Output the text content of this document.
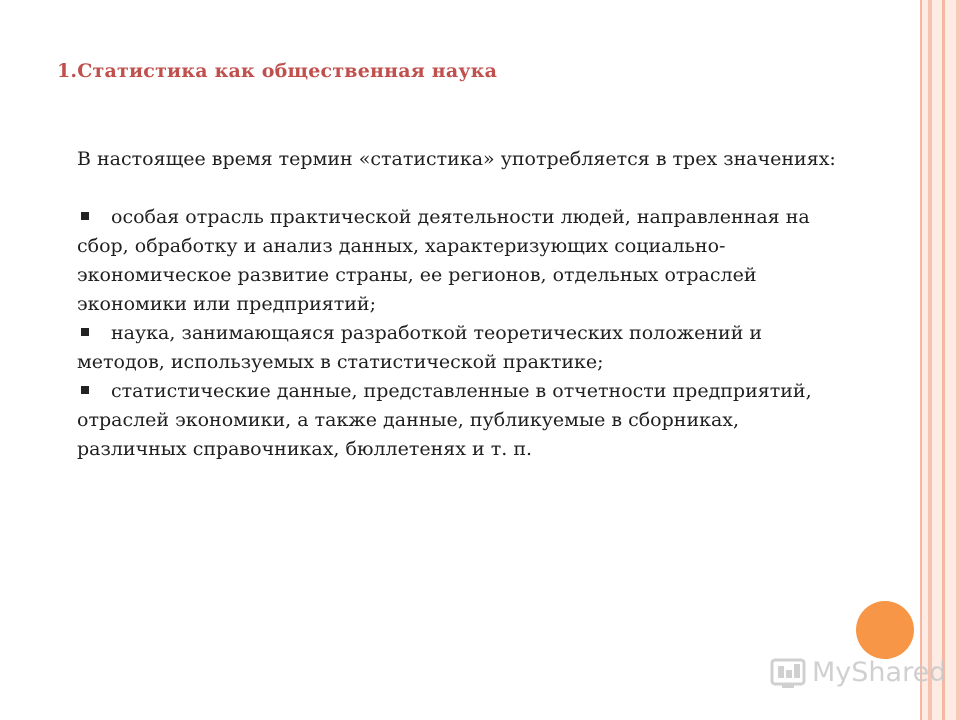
1.Статистика как общественная наука

В настоящее время термин «статистика» употребляется в трех значениях:

особая отрасль практической деятельности людей, направленная на сбор, обработку и анализ данных, характеризующих социально-экономическое развитие страны, ее регионов, отдельных отраслей экономики или предприятий;

наука, занимающаяся разработкой теоретических положений и методов, используемых в статистической практике;

статистические данные, представленные в отчетности предприятий, отраслей экономики, а также данные, публикуемые в сборниках, различных справочниках, бюллетенях и т. п.

MyShared
